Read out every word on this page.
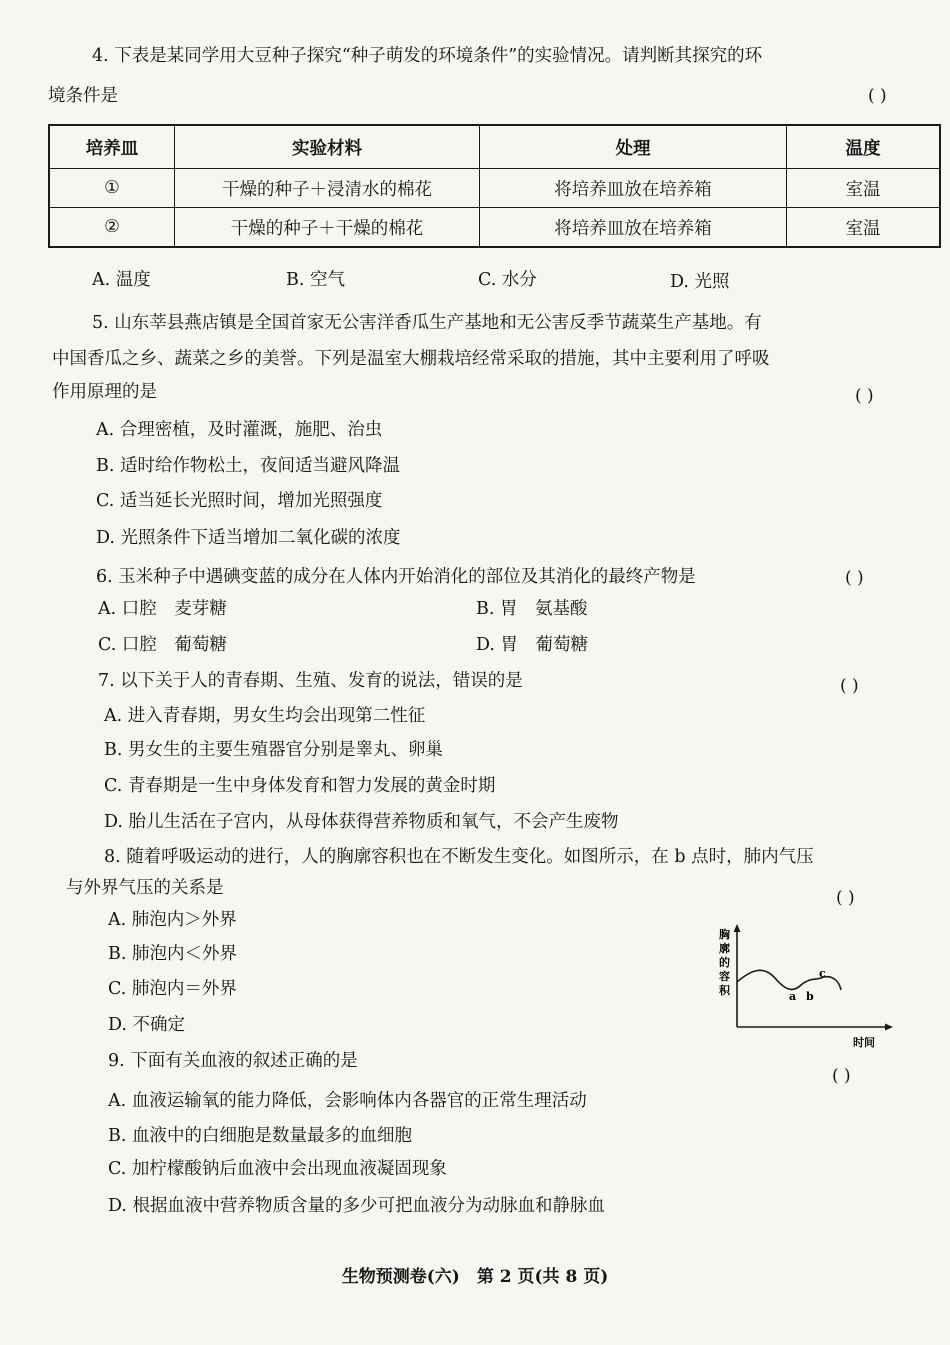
4. 下表是某同学用大豆种子探究“种子萌发的环境条件”的实验情况。请判断其探究的环
境条件是	( )
培养皿	实验材料	处理	温度
①	干燥的种子＋浸清水的棉花	将培养皿放在培养箱	室温
②	干燥的种子＋干燥的棉花	将培养皿放在培养箱	室温
A. 温度	B. 空气	C. 水分	D. 光照
5. 山东莘县燕店镇是全国首家无公害洋香瓜生产基地和无公害反季节蔬菜生产基地。有
中国香瓜之乡、蔬菜之乡的美誉。下列是温室大棚栽培经常采取的措施，其中主要利用了呼吸
作用原理的是	( )
A. 合理密植，及时灌溉，施肥、治虫
B. 适时给作物松土，夜间适当避风降温
C. 适当延长光照时间，增加光照强度
D. 光照条件下适当增加二氧化碳的浓度
6. 玉米种子中遇碘变蓝的成分在人体内开始消化的部位及其消化的最终产物是	( )
A. 口腔　麦芽糖	B. 胃　氨基酸
C. 口腔　葡萄糖	D. 胃　葡萄糖
7. 以下关于人的青春期、生殖、发育的说法，错误的是	( )
A. 进入青春期，男女生均会出现第二性征
B. 男女生的主要生殖器官分别是睾丸、卵巢
C. 青春期是一生中身体发育和智力发展的黄金时期
D. 胎儿生活在子宫内，从母体获得营养物质和氧气，不会产生废物
8. 随着呼吸运动的进行，人的胸廓容积也在不断发生变化。如图所示，在 b 点时，肺内气压
与外界气压的关系是	( )
A. 肺泡内＞外界
B. 肺泡内＜外界
C. 肺泡内＝外界
D. 不确定
胸
廓
的
容
积	a b
c
时间
9. 下面有关血液的叙述正确的是
( )
A. 血液运输氧的能力降低，会影响体内各器官的正常生理活动
B. 血液中的白细胞是数量最多的血细胞
C. 加柠檬酸钠后血液中会出现血液凝固现象
D. 根据血液中营养物质含量的多少可把血液分为动脉血和静脉血
生物预测卷(六)　第 2 页(共 8 页)
